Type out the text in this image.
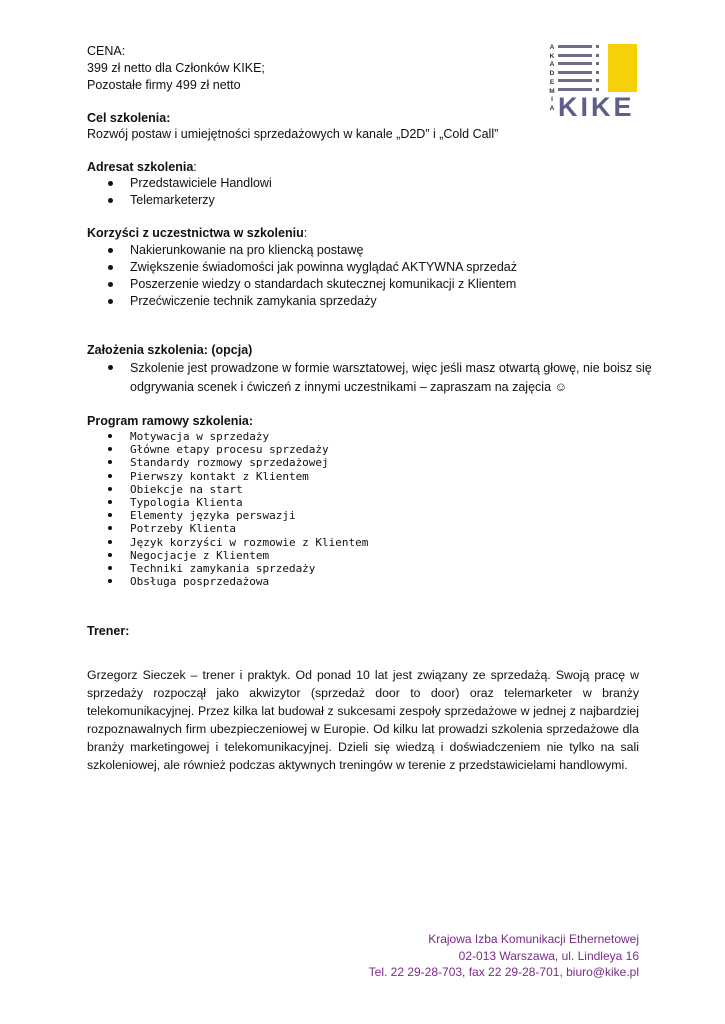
A
K
A
D
E
M
I
A KIKE
CENA:
399 zł netto dla Członków KIKE;
Pozostałe firmy 499 zł netto
Cel szkolenia:
Rozwój postaw i umiejętności sprzedażowych w kanale „D2D” i „Cold Call”
Adresat szkolenia:
Przedstawiciele Handlowi
Telemarketerzy
Korzyści z uczestnictwa w szkoleniu:
Nakierunkowanie na pro kliencką postawę
Zwiększenie świadomości jak powinna wyglądać AKTYWNA sprzedaż
Poszerzenie wiedzy o standardach skutecznej komunikacji z Klientem
Przećwiczenie technik zamykania sprzedaży
Założenia szkolenia: (opcja)
Szkolenie jest prowadzone w formie warsztatowej, więc jeśli masz otwartą głowę, nie boisz się
odgrywania scenek i ćwiczeń z innymi uczestnikami – zapraszam na zajęcia ☺
Program ramowy szkolenia:
Motywacja w sprzedaży
Główne etapy procesu sprzedaży
Standardy rozmowy sprzedażowej
Pierwszy kontakt z Klientem
Obiekcje na start
Typologia Klienta
Elementy języka perswazji
Potrzeby Klienta
Język korzyści w rozmowie z Klientem
Negocjacje z Klientem
Techniki zamykania sprzedaży
Obsługa posprzedażowa
Trener:

Grzegorz Sieczek – trener i praktyk. Od ponad 10 lat jest związany ze sprzedażą. Swoją pracę w sprzedaży rozpoczął jako akwizytor (sprzedaż door to door) oraz telemarketer w branży telekomunikacyjnej. Przez kilka lat budował z sukcesami zespoły sprzedażowe w jednej z najbardziej rozpoznawalnych firm ubezpieczeniowej w Europie. Od kilku lat prowadzi szkolenia sprzedażowe dla branży marketingowej i telekomunikacyjnej. Dzieli się wiedzą i doświadczeniem nie tylko na sali szkoleniowej, ale również podczas aktywnych treningów w terenie z przedstawicielami handlowymi.

Krajowa Izba Komunikacji Ethernetowej
02-013 Warszawa, ul. Lindleya 16
Tel. 22 29-28-703, fax 22 29-28-701, biuro@kike.pl
